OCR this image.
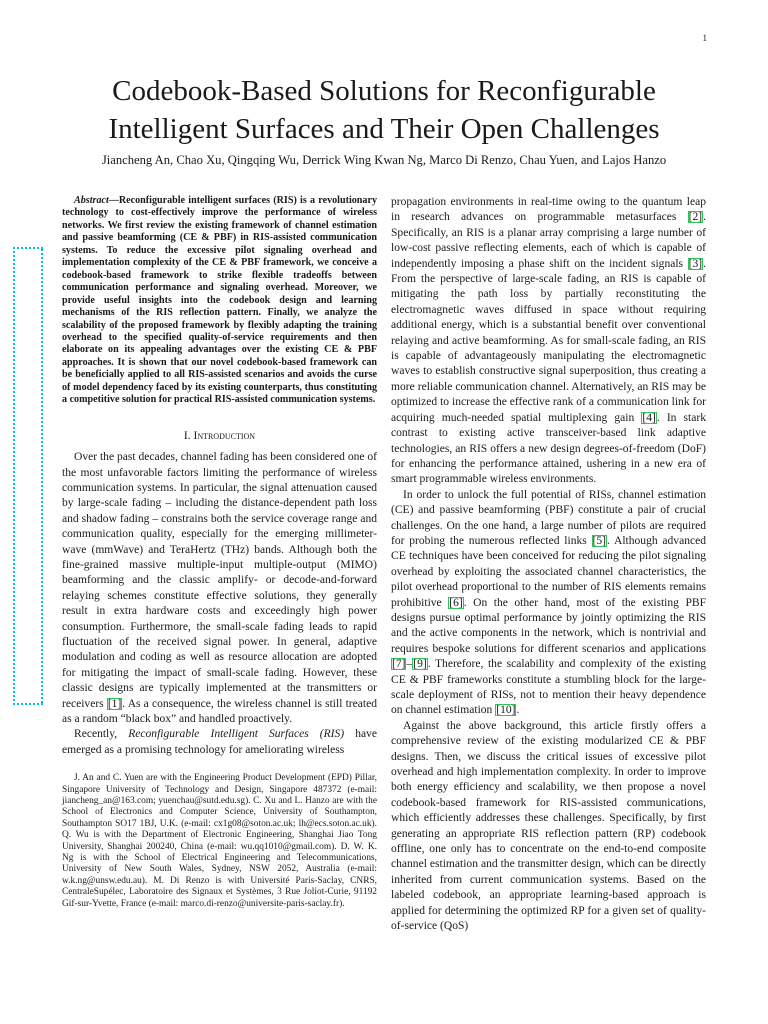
1
Codebook-Based Solutions for Reconfigurable
Intelligent Surfaces and Their Open Challenges
Jiancheng An, Chao Xu, Qingqing Wu, Derrick Wing Kwan Ng, Marco Di Renzo, Chau Yuen, and Lajos Hanzo

Abstract—Reconfigurable intelligent surfaces (RIS) is a revolutionary technology to cost-effectively improve the performance of wireless networks. We first review the existing framework of channel estimation and passive beamforming (CE & PBF) in RIS-assisted communication systems. To reduce the excessive pilot signaling overhead and implementation complexity of the CE & PBF framework, we conceive a codebook-based framework to strike flexible tradeoffs between communication performance and signaling overhead. Moreover, we provide useful insights into the codebook design and learning mechanisms of the RIS reflection pattern. Finally, we analyze the scalability of the proposed framework by flexibly adapting the training overhead to the specified quality-of-service requirements and then elaborate on its appealing advantages over the existing CE & PBF approaches. It is shown that our novel codebook-based framework can be beneficially applied to all RIS-assisted scenarios and avoids the curse of model dependency faced by its existing counterparts, thus constituting a competitive solution for practical RIS-assisted communication systems.

I. Introduction

Over the past decades, channel fading has been considered one of the most unfavorable factors limiting the performance of wireless communication systems. In particular, the signal attenuation caused by large-scale fading – including the distance-dependent path loss and shadow fading – constrains both the service coverage range and communication quality, especially for the emerging millimeter-wave (mmWave) and TeraHertz (THz) bands. Although both the fine-grained massive multiple-input multiple-output (MIMO) beamforming and the classic amplify- or decode-and-forward relaying schemes constitute effective solutions, they generally result in extra hardware costs and exceedingly high power consumption. Furthermore, the small-scale fading leads to rapid fluctuation of the received signal power. In general, adaptive modulation and coding as well as resource allocation are adopted for mitigating the impact of small-scale fading. However, these classic designs are typically implemented at the transmitters or receivers [1]. As a consequence, the wireless channel is still treated as a random “black box” and handled proactively.

Recently, Reconfigurable Intelligent Surfaces (RIS) have emerged as a promising technology for ameliorating wireless

J. An and C. Yuen are with the Engineering Product Development (EPD) Pillar, Singapore University of Technology and Design, Singapore 487372 (e-mail: jiancheng_an@163.com; yuenchau@sutd.edu.sg). C. Xu and L. Hanzo are with the School of Electronics and Computer Science, University of Southampton, Southampton SO17 1BJ, U.K. (e-mail: cx1g08@soton.ac.uk; lh@ecs.soton.ac.uk). Q. Wu is with the Department of Electronic Engineering, Shanghai Jiao Tong University, Shanghai 200240, China (e-mail: wu.qq1010@gmail.com). D. W. K. Ng is with the School of Electrical Engineering and Telecommunications, University of New South Wales, Sydney, NSW 2052, Australia (e-mail: w.k.ng@unsw.edu.au). M. Di Renzo is with Université Paris-Saclay, CNRS, CentraleSupélec, Laboratoire des Signaux et Systèmes, 3 Rue Joliot-Curie, 91192 Gif-sur-Yvette, France (e-mail: marco.di-renzo@universite-paris-saclay.fr).

propagation environments in real-time owing to the quantum leap in research advances on programmable metasurfaces [2]. Specifically, an RIS is a planar array comprising a large number of low-cost passive reflecting elements, each of which is capable of independently imposing a phase shift on the incident signals [3]. From the perspective of large-scale fading, an RIS is capable of mitigating the path loss by partially reconstituting the electromagnetic waves diffused in space without requiring additional energy, which is a substantial benefit over conventional relaying and active beamforming. As for small-scale fading, an RIS is capable of advantageously manipulating the electromagnetic waves to establish constructive signal superposition, thus creating a more reliable communication channel. Alternatively, an RIS may be optimized to increase the effective rank of a communication link for acquiring much-needed spatial multiplexing gain [4]. In stark contrast to existing active transceiver-based link adaptive technologies, an RIS offers a new design degrees-of-freedom (DoF) for enhancing the performance attained, ushering in a new era of smart programmable wireless environments.

In order to unlock the full potential of RISs, channel estimation (CE) and passive beamforming (PBF) constitute a pair of crucial challenges. On the one hand, a large number of pilots are required for probing the numerous reflected links [5]. Although advanced CE techniques have been conceived for reducing the pilot signaling overhead by exploiting the associated channel characteristics, the pilot overhead proportional to the number of RIS elements remains prohibitive [6]. On the other hand, most of the existing PBF designs pursue optimal performance by jointly optimizing the RIS and the active components in the network, which is nontrivial and requires bespoke solutions for different scenarios and applications [7]–[9]. Therefore, the scalability and complexity of the existing CE & PBF frameworks constitute a stumbling block for the large-scale deployment of RISs, not to mention their heavy dependence on channel estimation [10].

Against the above background, this article firstly offers a comprehensive review of the existing modularized CE & PBF designs. Then, we discuss the critical issues of excessive pilot overhead and high implementation complexity. In order to improve both energy efficiency and scalability, we then propose a novel codebook-based framework for RIS-assisted communications, which efficiently addresses these challenges. Specifically, by first generating an appropriate RIS reflection pattern (RP) codebook offline, one only has to concentrate on the end-to-end composite channel estimation and the transmitter design, which can be directly inherited from current communication systems. Based on the labeled codebook, an appropriate learning-based approach is applied for determining the optimized RP for a given set of quality-of-service (QoS)
